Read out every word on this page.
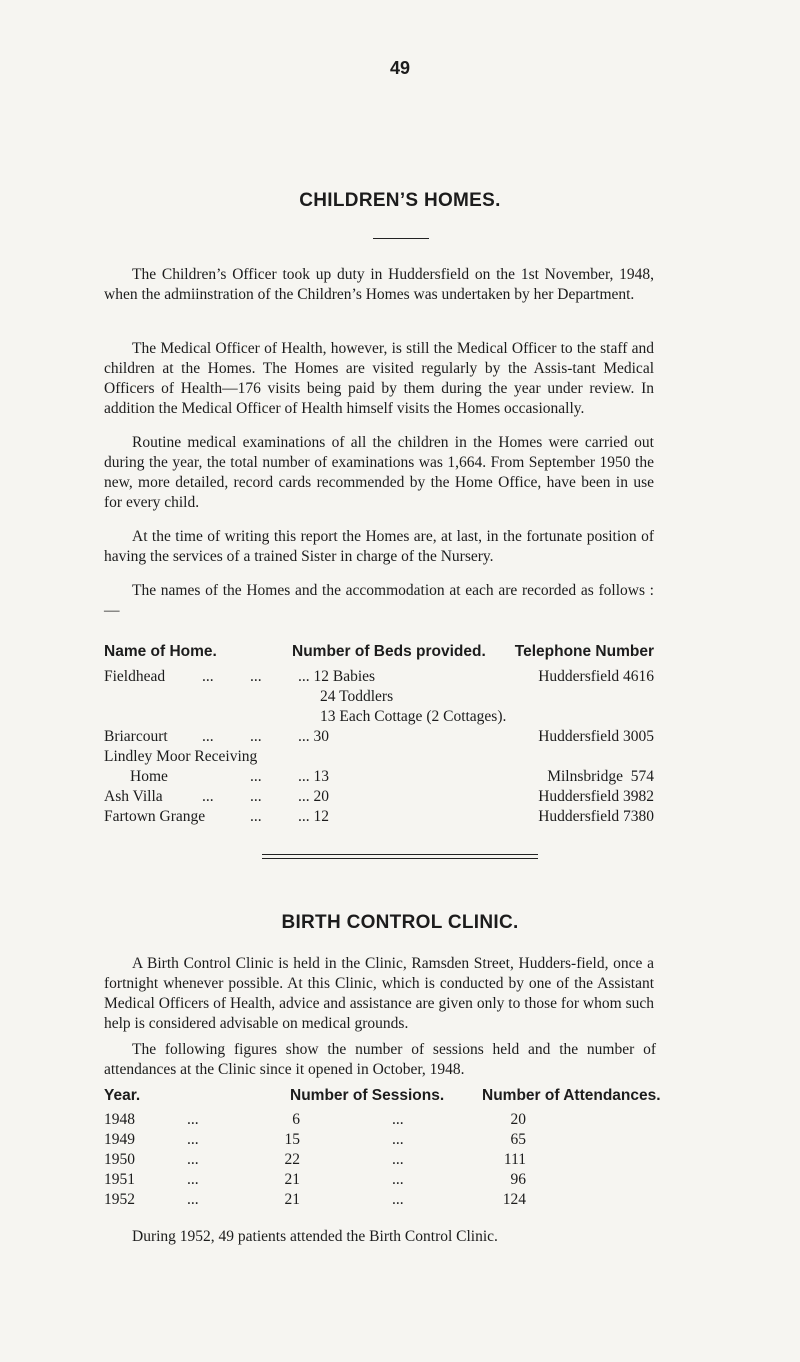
49
CHILDREN’S HOMES.

The Children’s Officer took up duty in Huddersfield on the 1st November, 1948, when the admiinstration of the Children’s Homes was undertaken by her Department.

The Medical Officer of Health, however, is still the Medical Officer to the staff and children at the Homes. The Homes are visited regularly by the Assis-tant Medical Officers of Health—176 visits being paid by them during the year under review. In addition the Medical Officer of Health himself visits the Homes occasionally.

Routine medical examinations of all the children in the Homes were carried out during the year, the total number of examinations was 1,664. From September 1950 the new, more detailed, record cards recommended by the Home Office, have been in use for every child.

At the time of writing this report the Homes are, at last, in the fortunate position of having the services of a trained Sister in charge of the Nursery.

The names of the Homes and the accommodation at each are recorded as follows :—

Name of Home.	Number of Beds provided. Telephone Number
Fieldhead ... ... ... 12 Babies	Huddersfield 4616
24 Toddlers
13 Each Cottage (2 Cottages).
Briarcourt ... ... ... 30	Huddersfield 3005
Lindley Moor Receiving
Home	... ... 13	Milnsbridge  574
Ash Villa	... ... ... 20	Huddersfield 3982
Fartown Grange	... ... 12	Huddersfield 7380
BIRTH CONTROL CLINIC.

A Birth Control Clinic is held in the Clinic, Ramsden Street, Hudders-field, once a fortnight whenever possible. At this Clinic, which is conducted by one of the Assistant Medical Officers of Health, advice and assistance are given only to those for whom such help is considered advisable on medical grounds.

The following figures show the number of sessions held and the number of attendances at the Clinic since it opened in October, 1948.

Year.	Number of Sessions. Number of Attendances.
1948	...	6	...	20
1949	...	15	...	65
1950	...	22	...	111
1951	...	21	...	96
1952	...	21	...	124
During 1952, 49 patients attended the Birth Control Clinic.
